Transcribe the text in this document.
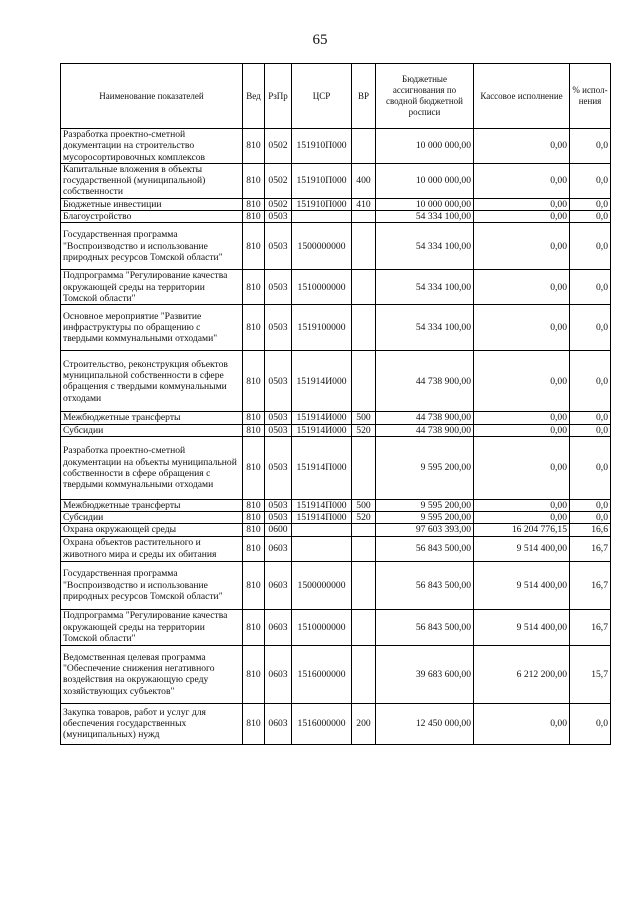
65
Наименование показателей	Вед	РзПр	ЦСР	ВР	Бюджетные ассигнования по сводной бюджетной росписи	Кассовое исполнение	% испол-нения
Разработка проектно-сметной документации на строительство мусоросортировочных комплексов	810	0502	151910П000		10 000 000,00	0,00	0,0
Капитальные вложения в объекты государственной (муниципальной) собственности	810	0502	151910П000	400	10 000 000,00	0,00	0,0
Бюджетные инвестиции	810	0502	151910П000	410	10 000 000,00	0,00	0,0
Благоустройство	810	0503			54 334 100,00	0,00	0,0
Государственная программа "Воспроизводство и использование природных ресурсов Томской области"	810	0503	1500000000		54 334 100,00	0,00	0,0
Подпрограмма "Регулирование качества окружающей среды на территории Томской области"	810	0503	1510000000		54 334 100,00	0,00	0,0
Основное мероприятие "Развитие инфраструктуры по обращению с твердыми коммунальными отходами"	810	0503	1519100000		54 334 100,00	0,00	0,0
Строительство, реконструкция объектов муниципальной собственности в сфере обращения с твердыми коммунальными отходами	810	0503	151914И000		44 738 900,00	0,00	0,0
Межбюджетные трансферты	810	0503	151914И000	500	44 738 900,00	0,00	0,0
Субсидии	810	0503	151914И000	520	44 738 900,00	0,00	0,0
Разработка проектно-сметной документации на объекты муниципальной собственности в сфере обращения с твердыми коммунальными отходами	810	0503	151914П000		9 595 200,00	0,00	0,0
Межбюджетные трансферты	810	0503	151914П000	500	9 595 200,00	0,00	0,0
Субсидии	810	0503	151914П000	520	9 595 200,00	0,00	0,0
Охрана окружающей среды	810	0600			97 603 393,00	16 204 776,15	16,6
Охрана объектов растительного и животного мира и среды их обитания	810	0603			56 843 500,00	9 514 400,00	16,7
Государственная программа "Воспроизводство и использование природных ресурсов Томской области"	810	0603	1500000000		56 843 500,00	9 514 400,00	16,7
Подпрограмма "Регулирование качества окружающей среды на территории Томской области"	810	0603	1510000000		56 843 500,00	9 514 400,00	16,7
Ведомственная целевая программа "Обеспечение снижения негативного воздействия на окружающую среду хозяйствующих субъектов"	810	0603	1516000000		39 683 600,00	6 212 200,00	15,7
Закупка товаров, работ и услуг для обеспечения государственных (муниципальных) нужд	810	0603	1516000000	200	12 450 000,00	0,00	0,0
